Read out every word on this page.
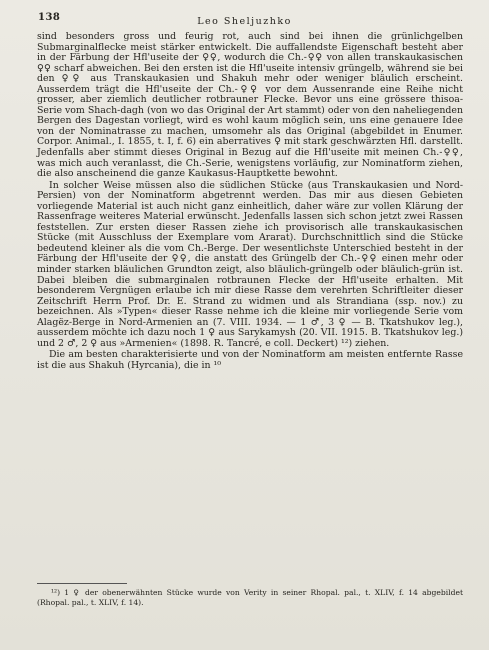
138	Leo Sheljuzhko

sind besonders gross und feurig rot, auch sind bei ihnen die grünlichgelben Submarginalflecke meist stärker entwickelt. Die auffallendste Eigenschaft besteht aber in der Färbung der Hfl'useite der ♀♀, wodurch die Ch.-♀♀ von allen transkaukasischen ♀♀ scharf abweichen. Bei den ersten ist die Hfl'useite intensiv grüngelb, während sie bei den ♀♀ aus Transkaukasien und Shakuh mehr oder weniger bläulich erscheint. Ausserdem trägt die Hfl'useite der Ch.-♀♀ vor dem Aussenrande eine Reihe nicht grosser, aber ziemlich deutlicher rotbrauner Flecke. Bevor uns eine grössere thisoa-Serie vom Shach-dagh (von wo das Original der Art stammt) oder von den naheliegenden Bergen des Dagestan vorliegt, wird es wohl kaum möglich sein, uns eine genauere Idee von der Nominatrasse zu machen, umsomehr als das Original (abgebildet in Enumer. Corpor. Animal., I. 1855, t. I, f. 6) ein aberratives ♀ mit stark geschwärzten Hfl. darstellt. Jedenfalls aber stimmt dieses Original in Bezug auf die Hfl'useite mit meinen Ch.-♀♀, was mich auch veranlasst, die Ch.-Serie, wenigstens vorläufig, zur Nominatform ziehen, die also anscheinend die ganze Kaukasus-Hauptkette bewohnt.

In solcher Weise müssen also die südlichen Stücke (aus Transkaukasien und Nord-Persien) von der Nominatform abgetrennt werden. Das mir aus diesen Gebieten vorliegende Material ist auch nicht ganz einheitlich, daher wäre zur vollen Klärung der Rassenfrage weiteres Material erwünscht. Jedenfalls lassen sich schon jetzt zwei Rassen feststellen. Zur ersten dieser Rassen ziehe ich provisorisch alle transkaukasischen Stücke (mit Ausschluss der Exemplare vom Ararat). Durchschnittlich sind die Stücke bedeutend kleiner als die vom Ch.-Berge. Der wesentlichste Unterschied besteht in der Färbung der Hfl'useite der ♀♀, die anstatt des Grüngelb der Ch.-♀♀ einen mehr oder minder starken bläulichen Grundton zeigt, also bläulich-grüngelb oder bläulich-grün ist. Dabei bleiben die submarginalen rotbraunen Flecke der Hfl'useite erhalten. Mit besonderem Vergnügen erlaube ich mir diese Rasse dem verehrten Schriftleiter dieser Zeitschrift Herrn Prof. Dr. E. Strand zu widmen und als Strandiana (ssp. nov.) zu bezeichnen. Als »Typen« dieser Rasse nehme ich die kleine mir vorliegende Serie vom Alagëz-Berge in Nord-Armenien an (7. VIII. 1934. — 1 ♂, 3 ♀ — B. Tkatshukov leg.), ausserdem möchte ich dazu noch 1 ♀ aus Sarykamysh (20. VII. 1915. B. Tkatshukov leg.) und 2 ♂, 2 ♀ aus »Armenien« (1898. R. Tancré, e coll. Deckert) ¹²) ziehen.

Die am besten charakterisierte und von der Nominatform am meisten entfernte Rasse ist die aus Shakuh (Hyrcania), die in ¹⁰

¹²) 1 ♀ der obenerwähnten Stücke wurde von Verity in seiner Rhopal. pal., t. XLIV, f. 14 abgebildet (Rhopal. pal., t. XLIV, f. 14).
